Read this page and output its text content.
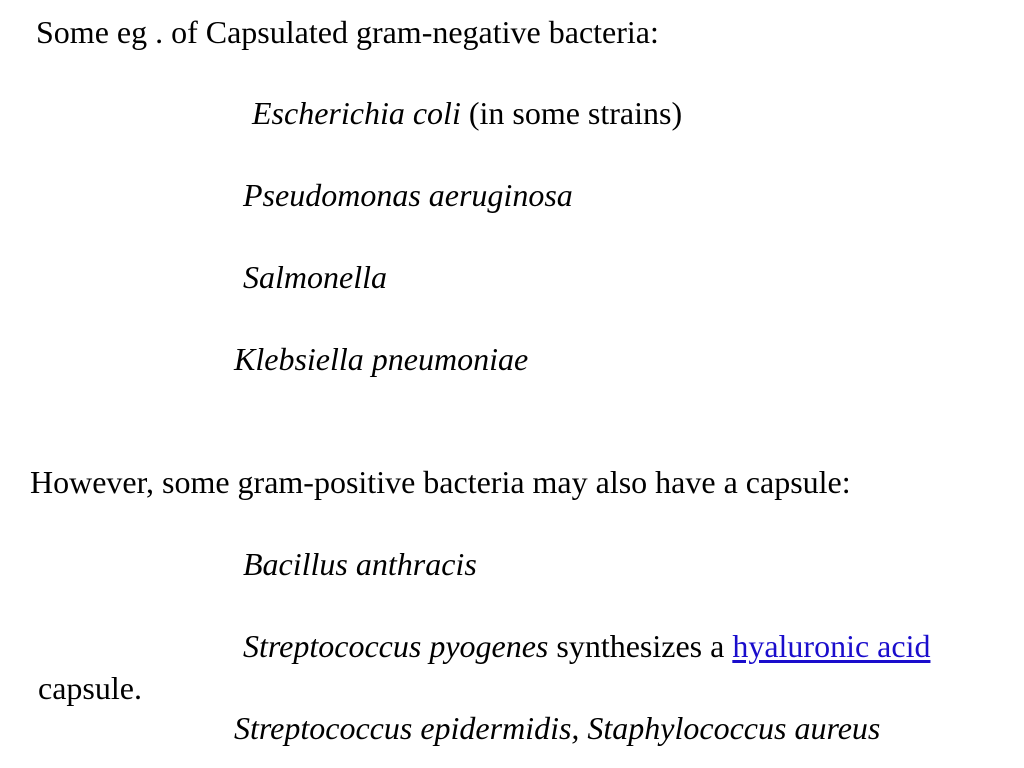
Some eg . of Capsulated gram-negative bacteria:
Escherichia coli (in some strains)
Pseudomonas aeruginosa
Salmonella
Klebsiella pneumoniae
However, some gram-positive bacteria may also have a capsule:
Bacillus anthracis
Streptococcus pyogenes synthesizes a hyaluronic acid
capsule.
Streptococcus epidermidis, Staphylococcus aureus
